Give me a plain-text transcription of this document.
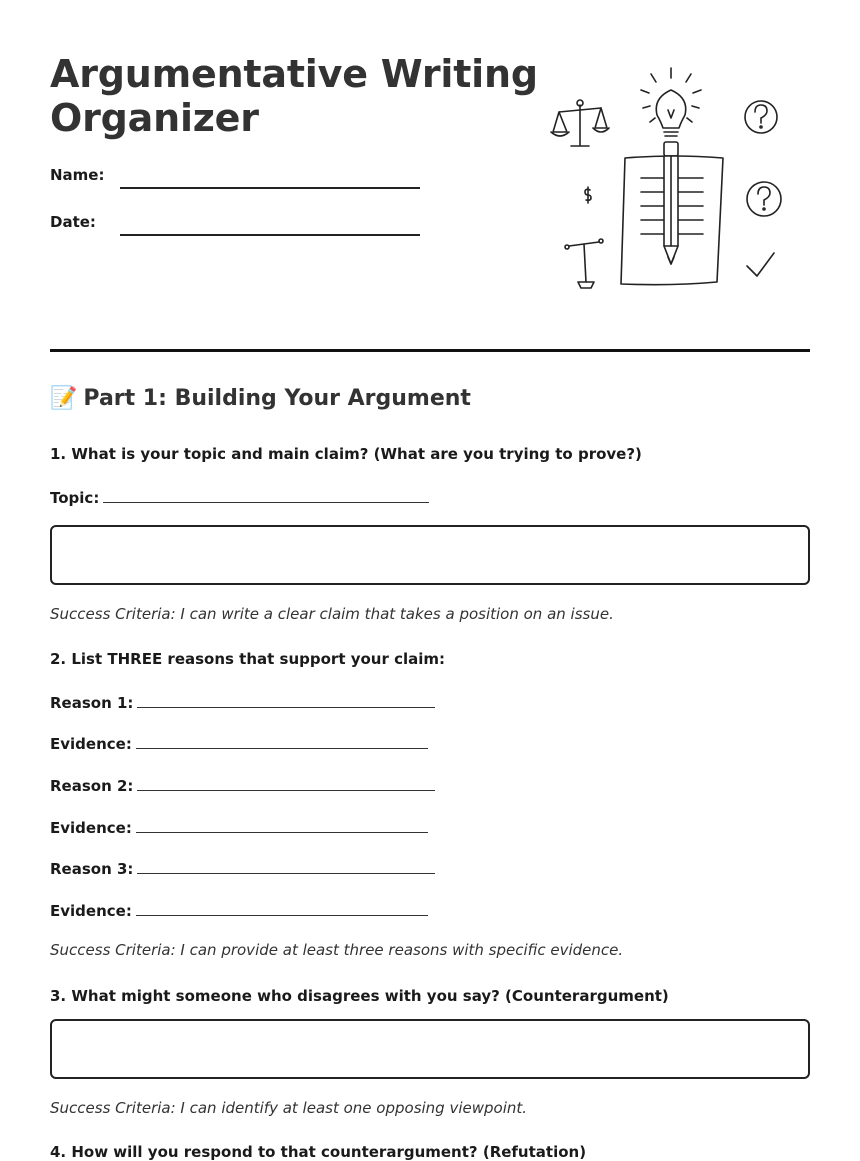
Argumentative Writing
Organizer
Name:
Date:
📝 Part 1: Building Your Argument
1. What is your topic and main claim? (What are you trying to prove?)
Topic:
Success Criteria: I can write a clear claim that takes a position on an issue.
2. List THREE reasons that support your claim:
Reason 1:
Evidence:
Reason 2:
Evidence:
Reason 3:
Evidence:
Success Criteria: I can provide at least three reasons with specific evidence.
3. What might someone who disagrees with you say? (Counterargument)
Success Criteria: I can identify at least one opposing viewpoint.
4. How will you respond to that counterargument? (Refutation)
